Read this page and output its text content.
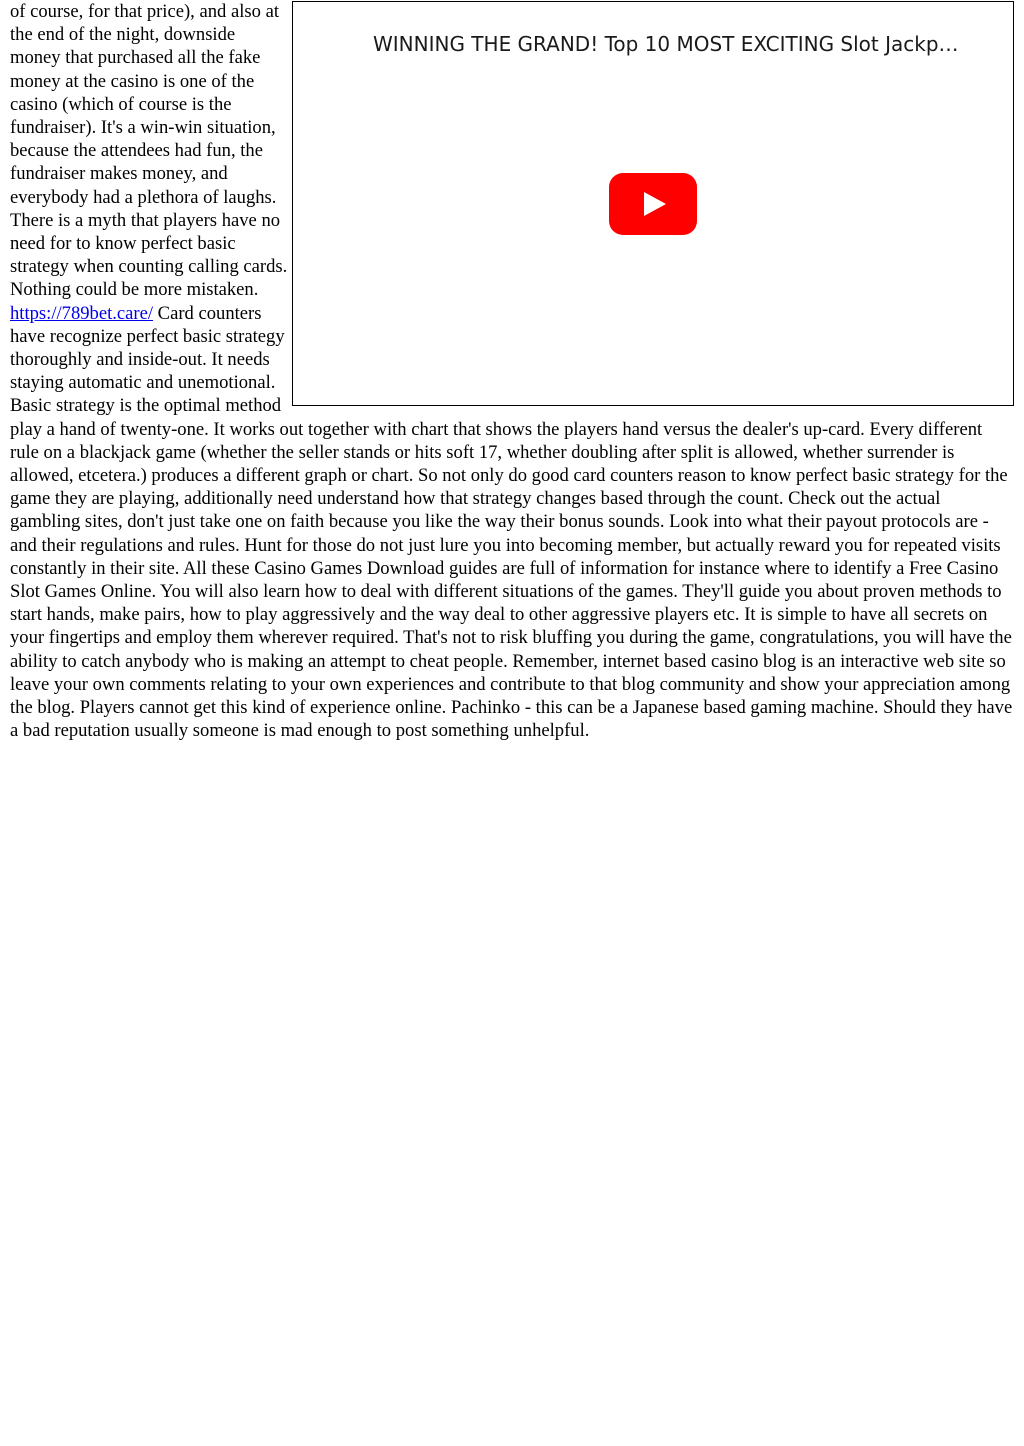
WINNING THE GRAND! Top 10 MOST EXCITING Slot Jackp…

of course, for that price), and also at the end of the night, downside money that purchased all the fake money at the casino is one of the casino (which of course is the fundraiser). It's a win-win situation, because the attendees had fun, the fundraiser makes money, and everybody had a plethora of laughs. There is a myth that players have no need for to know perfect basic strategy when counting calling cards. Nothing could be more mistaken. https://789bet.care/ Card counters have recognize perfect basic strategy thoroughly and inside-out. It needs staying automatic and unemotional. Basic strategy is the optimal method play a hand of twenty-one. It works out together with chart that shows the players hand versus the dealer's up-card. Every different rule on a blackjack game (whether the seller stands or hits soft 17, whether doubling after split is allowed, whether surrender is allowed, etcetera.) produces a different graph or chart. So not only do good card counters reason to know perfect basic strategy for the game they are playing, additionally need understand how that strategy changes based through the count. Check out the actual gambling sites, don't just take one on faith because you like the way their bonus sounds. Look into what their payout protocols are - and their regulations and rules. Hunt for those do not just lure you into becoming member, but actually reward you for repeated visits constantly in their site. All these Casino Games Download guides are full of information for instance where to identify a Free Casino Slot Games Online. You will also learn how to deal with different situations of the games. They'll guide you about proven methods to start hands, make pairs, how to play aggressively and the way deal to other aggressive players etc. It is simple to have all secrets on your fingertips and employ them wherever required. That's not to risk bluffing you during the game, congratulations, you will have the ability to catch anybody who is making an attempt to cheat people. Remember, internet based casino blog is an interactive web site so leave your own comments relating to your own experiences and contribute to that blog community and show your appreciation among the blog. Players cannot get this kind of experience online. Pachinko - this can be a Japanese based gaming machine. Should they have a bad reputation usually someone is mad enough to post something unhelpful.
